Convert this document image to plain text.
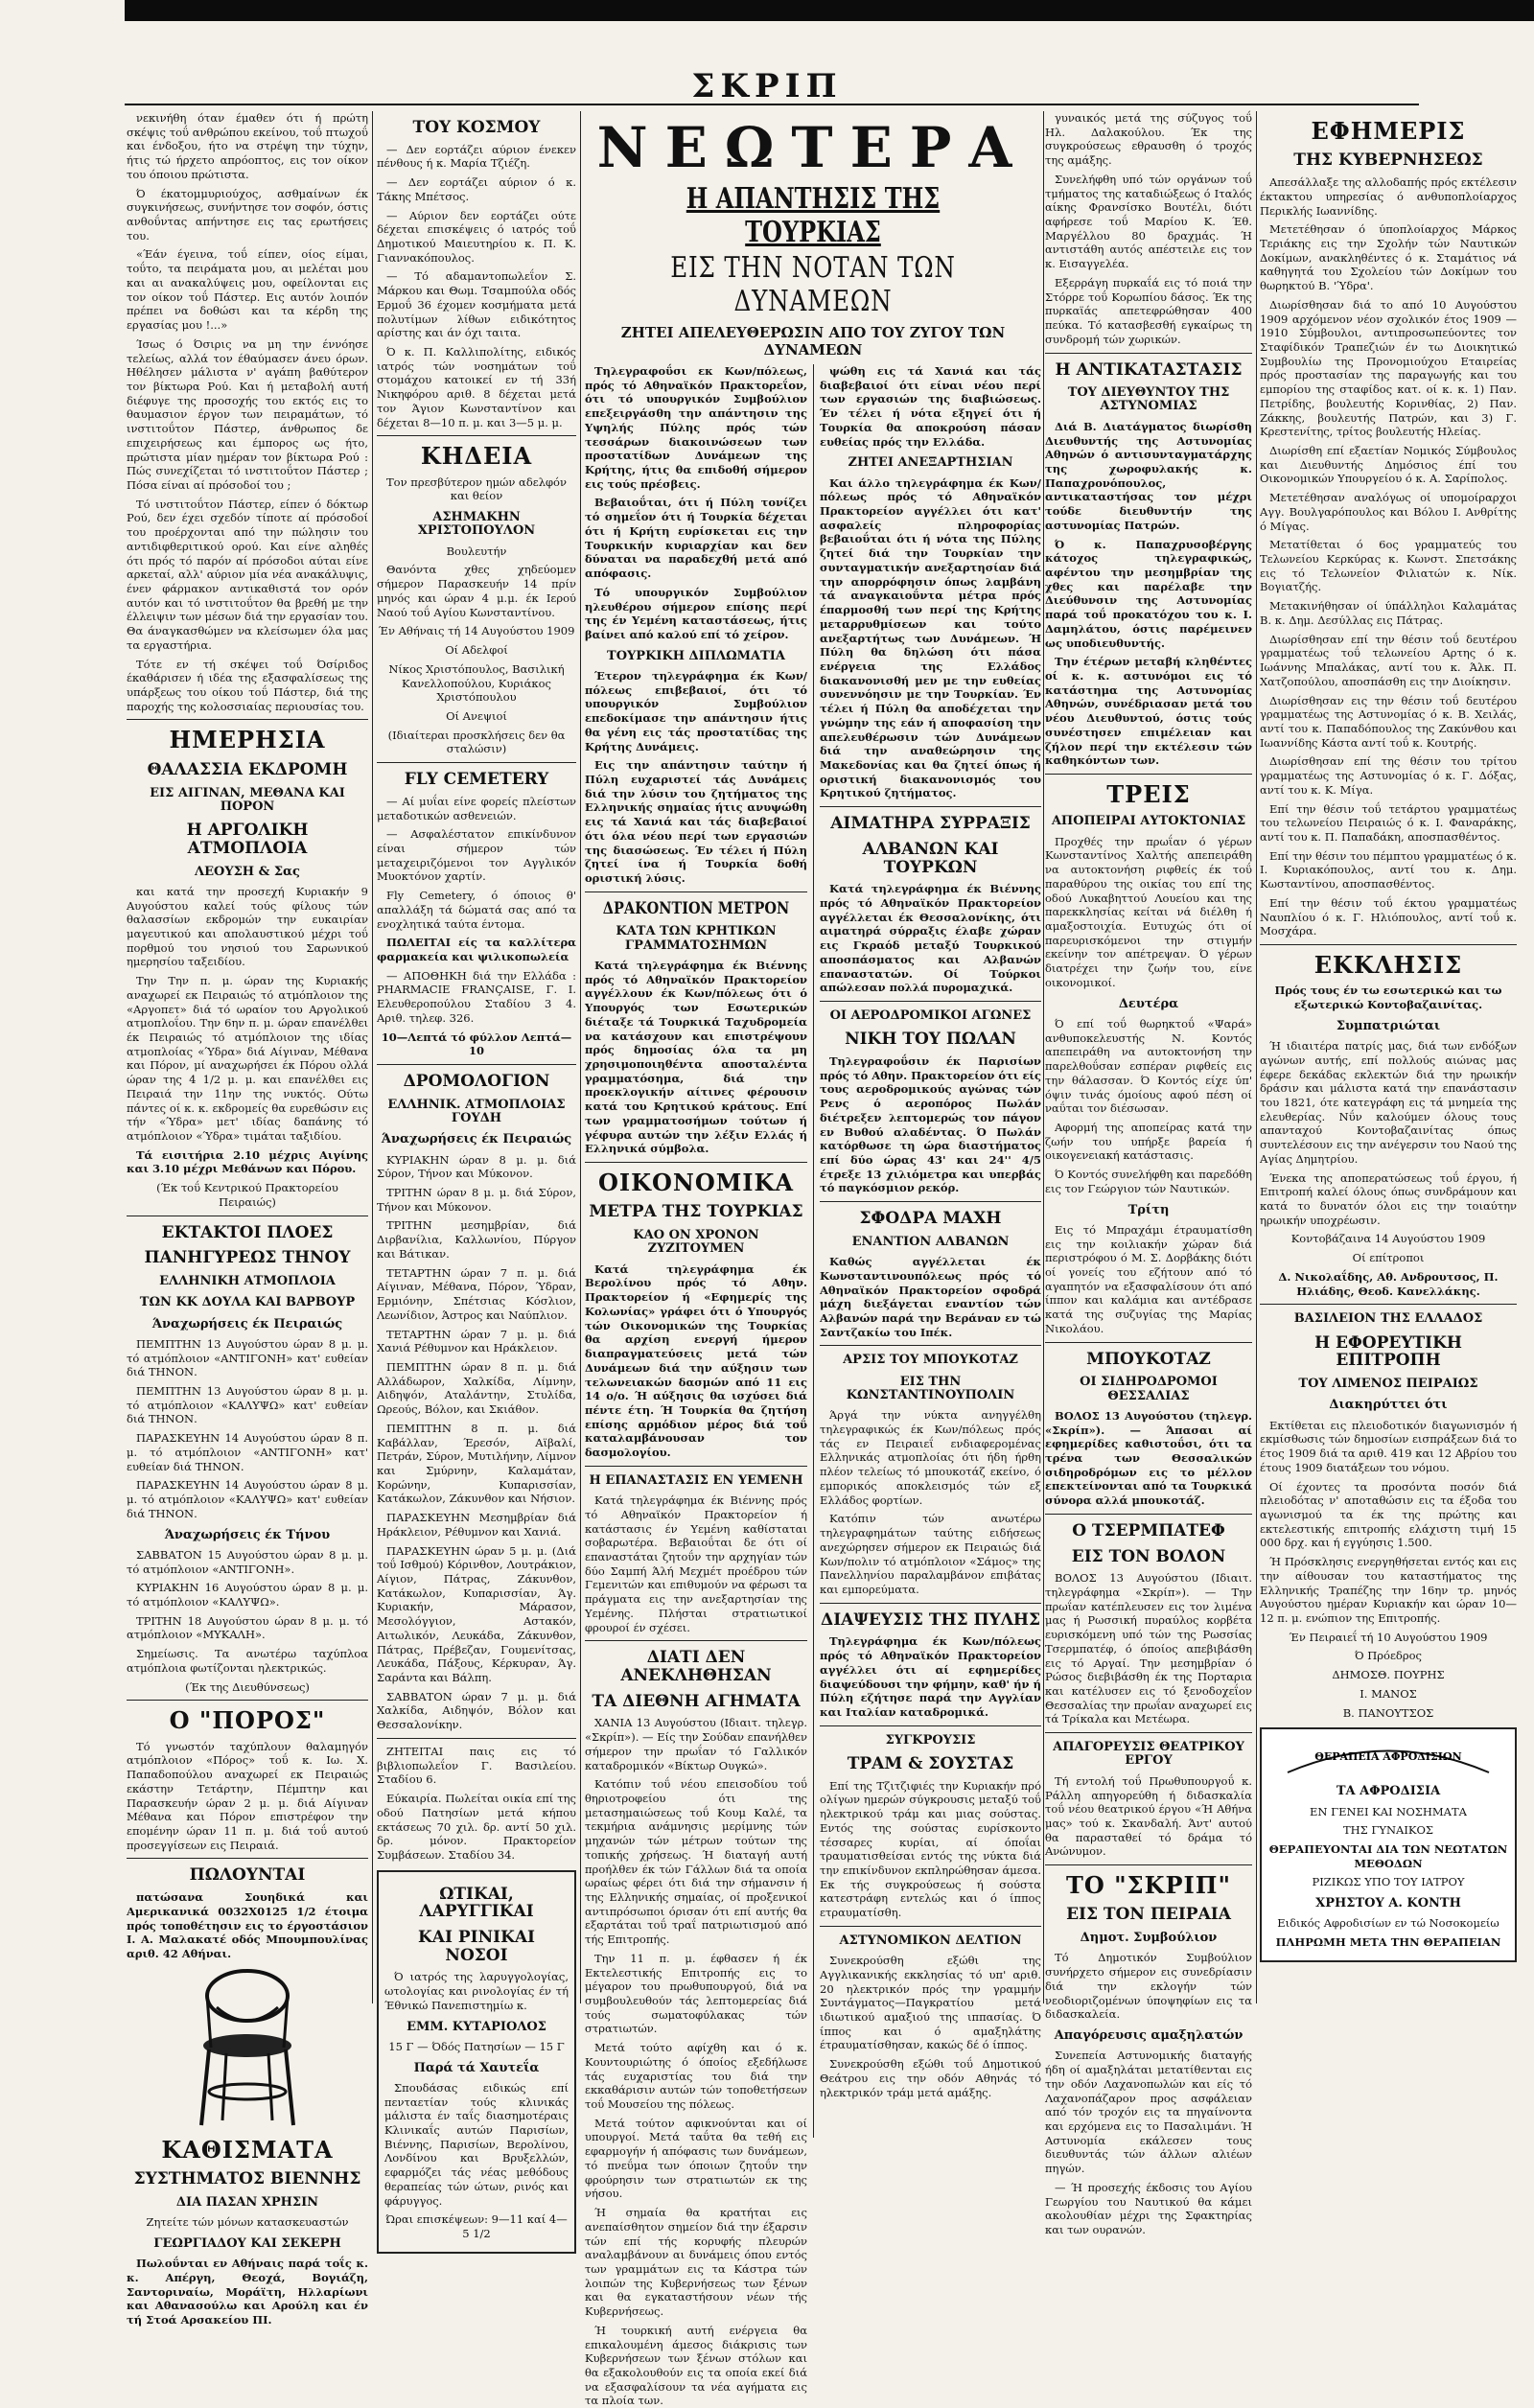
ΣΚΡΙΠ

νεκινήθη όταν έμαθεν ότι ή πρώτη σκέψις τοΰ ανθρώπου εκείνου, τοΰ πτωχοΰ και ένδοξου, ήτο να στρέψη την τύχην, ήτις τώ ήρχετο απρόοπτος, εις τον οίκον του όποιου πρώτιστα.

Ό έκατομμυριούχος, ασθμαίνων έκ συγκινήσεως, συνήντησε τον σοφόν, όστις ανθοΰντας απήντησε εις τας ερωτήσεις του.

«Έάν έγεινα, τοΰ είπεν, οίος είμαι, τοΰτο, τα πειράματα μου, αι μελέται μου και αι ανακαλύψεις μου, οφείλονται εις τον οίκον τοΰ Πάστερ. Εις αυτόν λοιπόν πρέπει να δοθώσι και τα κέρδη της εργασίας μου !...»

Ίσως ό Όσιρις να μη την έννόησε τελείως, αλλά τον έθαύμασεν άνευ όρων. Ηθέλησεν μάλιστα ν' αγάπη βαθύτερον τον βίκτωρα Ρού. Και ή μεταβολή αυτή διέφυγε της προσοχής του εκτός εις το θαυμασιον έργον των πειραμάτων, τό ινστιτοΰτον Πάστερ, άνθρωπος δε επιχειρήσεως και έμπορος ως ήτο, πρώτιστα μίαν ημέραν τον βίκτωρα Ρού : Πώς συνεχίζεται τό ινστιτοΰτον Πάστερ ; Πόσα είναι αί πρόσοδοί του ;

Τό ινστιτοΰτον Πάστερ, είπεν ό δόκτωρ Ρού, δεν έχει σχεδόν τίποτε αί πρόσοδοί του προέρχονται από την πώλησιν του αντιδιφθεριτικού ορού. Και είνε αληθές ότι πρός τό παρόν αί πρόσοδοι αύται είνε αρκεταί, αλλ' αύριον μία νέα ανακάλυψις, ένεν φάρμακον αντικαθιστά τον ορόν αυτόν και τό ινστιτοΰτον θα βρεθή με την έλλειψιν των μέσων διά την εργασίαν του. Θα άναγκασθώμεν να κλείσωμεν όλα μας τα εργαστήρια.

Τότε εν τή σκέψει τοΰ Όσίριδος έκαθάρισεν ή ιδέα της εξασφαλίσεως της υπάρξεως του οίκου τοΰ Πάστερ, διά της παροχής της κολοσσιαίας περιουσίας του.

ΗΜΕΡΗΣΙΑ
ΘΑΛΑΣΣΙΑ ΕΚΔΡΟΜΗ
ΕΙΣ ΑΙΓΙΝΑΝ, ΜΕΘΑΝΑ ΚΑΙ ΠΟΡΟΝ
Η ΑΡΓΟΛΙΚΗ ΑΤΜΟΠΛΟΙΑ
ΛΕΟΥΣΗ & Σας

και κατά την προσεχή Κυριακήν 9 Αυγούστου καλεί τούς φίλους τών θαλασσίων εκδρομών την ευκαιρίαν μαγευτικού και απολαυστικού μέχρι τοΰ πορθμού του νησιού του Σαρωνικού ημερησίου ταξειδίου.

Την Την π. μ. ώραν της Κυριακής αναχωρεί εκ Πειραιώς τό ατμόπλοιον της «Αργοπετ» διά τό ωραίον του Αργολικού ατμοπλοΐου. Την 6ην π. μ. ώραν επανέλθει έκ Πειραιώς τό ατμόπλοιον της ιδίας ατμοπλοίας «Ύδρα» διά Αίγιναν, Μέθανα και Πόρον, μί αναχωρήσει έκ Πόρου ολλά ώραν της 4 1/2 μ. μ. και επανέλθει εις Πειραιά την 11ην της νυκτός. Ούτω πάντες οί κ. κ. εκδρομείς θα ευρεθώσιν εις τήν «Ύδρα» μετ' ιδίας δαπάνης τό ατμόπλοιον «Ύδρα» τιμάται ταξιδίου.

Τά εισιτήρια 2.10 μέχρις Αιγίνης και 3.10 μέχρι Μεθάνων και Πόρου.

(Έκ τοΰ Κεντρικού Πρακτορείου Πειραιώς)

ΕΚΤΑΚΤΟΙ ΠΛΟΕΣ
ΠΑΝΗΓΥΡΕΩΣ ΤΗΝΟΥ
ΕΛΛΗΝΙΚΗ ΑΤΜΟΠΛΟΙΑ
ΤΩΝ ΚΚ ΔΟΥΛΑ ΚΑΙ ΒΑΡΒΟΥΡ
Άναχωρήσεις έκ Πειραιώς

ΠΕΜΠΤΗΝ 13 Αυγούστου ώραν 8 μ. μ. τό ατμόπλοιον «ΑΝΤΙΓΟΝΗ» κατ' ευθείαν διά ΤΗΝΟΝ.

ΠΕΜΠΤΗΝ 13 Αυγούστου ώραν 8 μ. μ. τό ατμόπλοιον «ΚΑΛΥΨΩ» κατ' ευθείαν διά ΤΗΝΟΝ.

ΠΑΡΑΣΚΕΥΗΝ 14 Αυγούστου ώραν 8 π. μ. τό ατμόπλοιον «ΑΝΤΙΓΟΝΗ» κατ' ευθείαν διά ΤΗΝΟΝ.

ΠΑΡΑΣΚΕΥΗΝ 14 Αυγούστου ώραν 8 μ. μ. τό ατμόπλοιον «ΚΑΛΥΨΩ» κατ' ευθείαν διά ΤΗΝΟΝ.

Άναχωρήσεις έκ Τήνου

ΣΑΒΒΑΤΟΝ 15 Αυγούστου ώραν 8 μ. μ. τό ατμόπλοιον «ΑΝΤΙΓΟΝΗ».

ΚΥΡΙΑΚΗΝ 16 Αυγούστου ώραν 8 μ. μ. τό ατμόπλοιον «ΚΑΛΥΨΩ».

ΤΡΙΤΗΝ 18 Αυγούστου ώραν 8 μ. μ. τό ατμόπλοιον «ΜΥΚΑΛΗ».

Σημείωσις. Τα ανωτέρω ταχύπλοα ατμόπλοια φωτίζονται ηλεκτρικώς.

(Έκ της Διευθύνσεως)

Ο "ΠΟΡΟΣ"

Τό γνωστόν ταχύπλουν θαλαμηγόν ατμόπλοιον «Πόρος» τοΰ κ. Ιω. Χ. Παπαδοπούλου αναχωρεί εκ Πειραιώς εκάστην Τετάρτην, Πέμπτην και Παρασκευήν ώραν 2 μ. μ. διά Αίγιναν Μέθανα και Πόρον επιστρέφον την επομένην ώραν 11 π. μ. διά τοΰ αυτού προσεγγίσεων εις Πειραιά.

ΠΩΛΟΥΝΤΑΙ

πατώσανα Σουηδικά και Αμερικανικά 0032Χ0125 1/2 έτοιμα πρός τοποθέτησιν εις το έργοστάσιον Ι. Α. Μαλακατέ οδός Μπουμπουλίνας αριθ. 42 Αθήναι.

ΚΑΘΙΣΜΑΤΑ
ΣΥΣΤΗΜΑΤΟΣ ΒΙΕΝΝΗΣ
ΔΙΑ ΠΑΣΑΝ ΧΡΗΣΙΝ

Ζητείτε τών μόνων κατασκευαστών

ΓΕΩΡΓΙΑΔΟΥ ΚΑΙ ΣΕΚΕΡΗ

Πωλοΰνται εν Αθήναις παρά τοΐς κ. κ. Απέργη, Θεοχά, Βογιάζη, Σαντοριναίω, Μοράϊτη, Ηλλαρίωνι και Αθανασούλω και Αρούλη και έν τή Στοά Αρσακείου ΠΙ.

ΤΟΥ ΚΟΣΜΟΥ

— Δεν εορτάζει αύριον ένεκεν πένθους ή κ. Μαρία Τζιέζη.

— Δεν εορτάζει αύριον ό κ. Τάκης Μπέτσος.

— Αύριον δεν εορτάζει ούτε δέχεται επισκέψεις ό ιατρός τοΰ Δημοτικού Μαιευτηρίου κ. Π. Κ. Γιαννακόπουλος.

— Τό αδαμαντοπωλεΐον Σ. Μάρκου και Θωμ. Τσαμπούλα οδός Ερμοΰ 36 έχομεν κοσμήματα μετά πολυτίμων λίθων ειδικότητος αρίστης και άν όχι ταιτα.

Ό κ. Π. Καλλιπολίτης, ειδικός ιατρός τών νοσημάτων τοΰ στομάχου κατοικεί εν τή 33ή Νικηφόρου αριθ. 8 δέχεται μετά τον Άγιον Κωνσταντίνον και δέχεται 8—10 π. μ. και 3—5 μ. μ.

ΚΗΔΕΙΑ

Τον πρεσβύτερον ημών αδελφόν και θείον

ΑΣΗΜΑΚΗΝ ΧΡΙΣΤΟΠΟΥΛΟΝ

Βουλευτήν

Θανόντα χθες χηδεύομεν σήμερον Παρασκευήν 14 πρίν μηνός και ώραν 4 μ.μ. έκ Ιερού Ναού τοΰ Αγίου Κωνσταντίνου.

Έν Αθήναις τή 14 Αυγούστου 1909

Οί Αδελφοί

Νίκος Χριστόπουλος, Βασιλική Κανελλοπούλου, Κυριάκος Χριστόπουλου

Οί Ανεψιοί

(Ιδιαίτεραι προσκλήσεις δεν θα σταλώσιν)

FLY CEMETERY

— Αί μυΐαι είνε φορείς πλείστων μεταδοτικών ασθενειών.

— Ασφαλέστατον επικίνδυνον είναι σήμερον τών μεταχειριζόμενοι τον Αγγλικόν Μυοκτόνον χαρτίν.

Fly Cemetery, ό όποιος θ' απαλλάξη τά δώματά σας από τα ενοχλητικά ταύτα έντομα.

ΠΩΛΕΙΤΑΙ είς τα καλλίτερα φαρμακεία και ψιλικοπωλεία

— ΑΠΟΘΗΚΗ διά την Ελλάδα : PHARMACIE FRANÇAISE, Γ. Ι. Ελευθεροπούλου Σταδίου 3 4. Αριθ. τηλεφ. 326.

10—Λεπτά τό φύλλον Λεπτά—10

ΔΡΟΜΟΛΟΓΙΟΝ
ΕΛΛΗΝΙΚ. ΑΤΜΟΠΛΟΙΑΣ ΓΟΥΔΗ
Άναχωρήσεις έκ Πειραιώς

ΚΥΡΙΑΚΗΝ ώραν 8 μ. μ. διά Σύρον, Τήνον και Μύκονον.

ΤΡΙΤΗΝ ώραν 8 μ. μ. διά Σύρον, Τήνον και Μύκονον.

ΤΡΙΤΗΝ μεσημβρίαν, διά Διρβανίλια, Καλλωνίου, Πύργον και Βάτικαν.

ΤΕΤΑΡΤΗΝ ώραν 7 π. μ. διά Αίγιναν, Μέθανα, Πόρον, Ύδραν, Ερμιόνην, Σπέτσιας Κόσλιον, Λεωνίδιον, Άστρος και Ναύπλιον.

ΤΕΤΑΡΤΗΝ ώραν 7 μ. μ. διά Χανιά Ρέθυμνον και Ηράκλειον.

ΠΕΜΠΤΗΝ ώραν 8 π. μ. διά Αλλάδωρον, Χαλκίδα, Λίμνην, Αιδηψόν, Αταλάντην, Στυλίδα, Ωρεούς, Βόλον, και Σκιάθον.

ΠΕΜΠΤΗΝ 8 π. μ. διά Καβάλλαν, Έρεσόν, Αϊβαλί, Πετράν, Σύρον, Μυτιλήνην, Λίμνον και Σμύρνην, Καλαμάταν, Κορώνην, Κυπαρισσίαν, Κατάκωλον, Ζάκυνθον και Νήσιον.

ΠΑΡΑΣΚΕΥΗΝ Μεσημβρίαν διά Ηράκλειον, Ρέθυμνον και Χανιά.

ΠΑΡΑΣΚΕΥΗΝ ώραν 5 μ. μ. (Διά τοΰ Ισθμού) Κόρινθον, Λουτράκιον, Αίγιον, Πάτρας, Ζάκυνθον, Κατάκωλον, Κυπαρισσίαν, Άγ. Κυριακήν, Μάρασον, Μεσολόγγιον, Αστακόν, Αιτωλικόν, Λευκάδα, Ζάκυνθον, Πάτρας, Πρέβεζαν, Γουμενίτσας, Λευκάδα, Πάξους, Κέρκυραν, Άγ. Σαράντα και Βάλπη.

ΣΑΒΒΑΤΟΝ ώραν 7 μ. μ. διά Χαλκίδα, Αιδηψόν, Βόλον και Θεσσαλονίκην.

ΖΗΤΕΙΤΑΙ παις εις τό βιβλιοπωλεΐον Γ. Βασιλείου. Σταδίου 6.

Εύκαιρία. Πωλείται οικία επί της οδού Πατησίων μετά κήπου εκτάσεως 70 χιλ. δρ. αντί 50 χιλ. δρ. μόνον. Πρακτορείον Συμβάσεων. Σταδίου 34.

ΩΤΙΚΑΙ, ΛΑΡΥΓΓΙΚΑΙ
ΚΑΙ ΡΙΝΙΚΑΙ ΝΟΣΟΙ

Ό ιατρός της λαρυγγολογίας, ωτολογίας και ρινολογίας έν τή Έθνικώ Πανεπιστημίω κ.

ΕΜΜ. ΚΥΤΑΡΙΟΛΟΣ

15 Γ — Όδός Πατησίων — 15 Γ

Παρά τά Χαυτεΐα

Σπουδάσας ειδικώς επί πενταετίαν τούς κλινικάς μάλιστα έν ταΐς διασημοτέραις Κλινικαΐς αυτών Παρισίων, Βιέννης, Παρισίων, Βερολίνου, Λονδίνου και Βρυξελλών, εφαρμόζει τάς νέας μεθόδους θεραπείας τών ώτων, ρινός και φάρυγγος.

Ώραι επισκέψεων: 9—11 καί 4—5 1/2

ΝΕΩΤΕΡΑ
Η ΑΠΑΝΤΗΣΙΣ ΤΗΣ ΤΟΥΡΚΙΑΣ
ΕΙΣ ΤΗΝ ΝΟΤΑΝ ΤΩΝ ΔΥΝΑΜΕΩΝ
ΖΗΤΕΙ ΑΠΕΛΕΥΘΕΡΩΣΙΝ ΑΠΟ ΤΟΥ ΖΥΓΟΥ ΤΩΝ ΔΥΝΑΜΕΩΝ

Τηλεγραφοΰσι εκ Κων/πόλεως, πρός τό Αθηναϊκόν Πρακτορεΐον, ότι τό υπουργικόν Συμβούλιον επεξειργάσθη την απάντησιν της Υψηλής Πύλης πρός τών τεσσάρων διακοινώσεων των προστατίδων Δυνάμεων της Κρήτης, ήτις θα επιδοθή σήμερον εις τούς πρέσβεις.

Βεβαιοΰται, ότι ή Πύλη τονίζει τό σημεΐον ότι ή Τουρκία δέχεται ότι ή Κρήτη ευρίσκεται εις την Τουρκικήν κυριαρχίαν και δεν δύναται να παραδεχθή μετά από απόφασις.

Τό υπουργικόν Συμβούλιον ηλευθέρου σήμερον επίσης περί της έν Υεμένη καταστάσεως, ήτις βαίνει από καλού επί τό χείρον.

ΤΟΥΡΚΙΚΗ ΔΙΠΛΩΜΑΤΙΑ

Έτερον τηλεγράφημα έκ Κων/πόλεως επιβεβαιοί, ότι τό υπουργικόν Συμβούλιον επεδοκίμασε την απάντησιν ήτις θα γένη εις τάς προστατίδας της Κρήτης Δυνάμεις.

Εις την απάντησιν ταύτην ή Πύλη ευχαριστεί τάς Δυνάμεις διά την λύσιν του ζητήματος της Ελληνικής σημαίας ήτις ανυψώθη εις τά Χανιά και τάς διαβεβαιοί ότι όλα νέου περί των εργασιών της διασώσεως. Έν τέλει ή Πύλη ζητεί ίνα ή Τουρκία δοθή οριστική λύσις.

ΔΡΑΚΟΝΤΙΟΝ ΜΕΤΡΟΝ
ΚΑΤΑ ΤΩΝ ΚΡΗΤΙΚΩΝ ΓΡΑΜΜΑΤΟΣΗΜΩΝ

Κατά τηλεγράφημα έκ Βιέννης πρός τό Αθηναϊκόν Πρακτορείον αγγέλλουν έκ Κων/πόλεως ότι ό Υπουργός των Εσωτερικών διέταξε τά Τουρκικά Ταχυδρομεία να κατάσχουν και επιστρέψουν πρός δημοσίας όλα τα μη χρησιμοποιηθέντα αποσταλέντα γραμματόσημα, διά την προεκλογικήν αίτινες φέρουσιν κατά του Κρητικού κράτους. Επί των γραμματοσήμων τούτων ή γέφυρα αυτών την λέξιν Ελλάς ή Ελληνικά σύμβολα.

ΟΙΚΟΝΟΜΙΚΑ
ΜΕΤΡΑ ΤΗΣ ΤΟΥΡΚΙΑΣ
ΚΑΟ ΟΝ ΧΡΟΝΟΝ ΖΥΖΙΤΟΥΜΕΝ

Κατά τηλεγράφημα έκ Βερολίνου πρός τό Αθην. Πρακτορείον ή «Εφημερίς της Κολωνίας» γράφει ότι ό Υπουργός τών Οικονομικών της Τουρκίας θα αρχίση ενεργή ήμερον διαπραγματεύσεις μετά τών Δυνάμεων διά την αύξησιν των τελωνειακών δασμών από 11 εις 14 ο/ο. Ή αύξησις θα ισχύσει διά πέντε έτη. Ή Τουρκία θα ζητήση επίσης αρμόδιον μέρος διά τοΰ καταλαμβάνουσαν τον δασμολογίου.

Η ΕΠΑΝΑΣΤΑΣΙΣ ΕΝ ΥΕΜΕΝΗ

Κατά τηλεγράφημα έκ Βιέννης πρός τό Αθηναϊκόν Πρακτορείον ή κατάστασις έν Υεμένη καθίσταται σοβαρωτέρα. Βεβαιοΰται δε ότι οί επαναστάται ζητοΰν την αρχηγίαν τών δύο Σαμπή Άλή Μεχμέτ προέδρου τών Γεμενιτών και επιθυμούν να φέρωσι τα πράγματα εις την ανεξαρτησίαν της Υεμένης. Πλήσται στρατιωτικοί φρουροί έν σχέσει.

ΔΙΑΤΙ ΔΕΝ ΑΝΕΚΛΗΘΗΣΑΝ
ΤΑ ΔΙΕΘΝΗ ΑΓΗΜΑΤΑ

ΧΑΝΙΑ 13 Αυγούστου (Ιδιαιτ. τηλεγρ. «Σκρίπ»). — Είς την Σούδαν επανήλθεν σήμερον την πρωΐαν τό Γαλλικόν καταδρομικόν «Βίκτωρ Ουγκώ».

Κατόπιν τοΰ νέου επεισοδίου τοΰ θηριοτροφείου ότι της μετασημαιώσεως τοΰ Κουμ Καλέ, τα τεκμήρια ανάμνησις μερίμνης τών μηχανών τών μέτρων τούτων της τοπικής χρήσεως. Ή διαταγή αυτή προήλθεν έκ τών Γάλλων διά τα οποία ωραίως φέρει ότι διά την σήμανσιν ή της Ελληνικής σημαίας, οί προξενικοί αντιπρόσωποι όρισαν ότι επί αυτής θα εξαρτάται τοΰ τραΐ πατριωτισμού από τής Επιτροπής.

Την 11 π. μ. έφθασεν ή έκ Εκτελεστικής Επιτροπής εις το μέγαρον του πρωθυπουργού, διά να συμβουλευθούν τάς λεπτομερείας διά τούς σωματοφύλακας τών στρατιωτών.

Μετά τούτο αφίχθη και ό κ. Κουντουριώτης ό όποίος εξεδήλωσε τάς ευχαριστίας του διά την εκκαθάρισιν αυτών τών τοποθετήσεων τοΰ Μουσείου της πόλεως.

Μετά τούτον αφικνούνται και οί υπουργοί. Μετά ταΰτα θα τεθή εις εφαρμογήν ή απόφασις των δυνάμεων, τό πνεΰμα των όποιων ζητοΰν την φρούρησιν των στρατιωτών εκ της νήσου.

Ή σημαία θα κρατήται εις ανεπαίσθητον σημείον διά την έξαρσιν τών επί τής κορυφής πλευρών αναλαμβάνουν αι δυνάμεις όπου εντός των γραμμάτων εις τα Κάστρα τών λοιπών της Κυβερνήσεως των ξένων και θα εγκαταστήσουν νέων τής Κυβερνήσεως.

Ή τουρκική αυτή ενέργεια θα επικαλουμένη άμεσος διάκρισις των Κυβερνήσεων των ξένων στόλων και θα εξακολουθούν εις τα οποία εκεί διά να εξασφαλίσουν τα νέα αγήματα εις τα πλοία των.

ψώθη εις τά Χανιά και τάς διαβεβαιοί ότι είναι νέου περί των εργασιών της διαβιώσεως. Έν τέλει ή νότα εξηγεί ότι ή Τουρκία θα αποκρούση πάσαν ευθείας πρός την Ελλάδα.

ΖΗΤΕΙ ΑΝΕΞΑΡΤΗΣΙΑΝ

Και άλλο τηλεγράφημα έκ Κων/πόλεως πρός τό Αθηναϊκόν Πρακτορείον αγγέλλει ότι κατ' ασφαλείς πληροφορίας βεβαιοΰται ότι ή νότα της Πύλης ζητεί διά την Τουρκίαν την συνταγματικήν ανεξαρτησίαν διά την απορρόφησιν όπως λαμβάνη τά αναγκαιοΰντα μέτρα πρός έπαρμοσθή των περί της Κρήτης μεταρρυθμίσεων και τούτο ανεξαρτήτως των Δυνάμεων. Ή Πύλη θα δηλώση ότι πάσα ενέργεια της Ελλάδος διακανονισθή μεν με την ευθείας συνεννόησιν με την Τουρκίαν. Έν τέλει ή Πύλη θα αποδέχεται την γνώμην της εάν ή αποφασίση την απελευθέρωσιν τών Δυνάμεων διά την αναθεώρησιν της Μακεδονίας και θα ζητεί όπως ή οριστική διακανονισμός του Κρητικού ζητήματος.

ΑΙΜΑΤΗΡΑ ΣΥΡΡΑΞΙΣ
ΑΛΒΑΝΩΝ ΚΑΙ ΤΟΥΡΚΩΝ

Κατά τηλεγράφημα έκ Βιέννης πρός τό Αθηναϊκόν Πρακτορείον αγγέλλεται έκ Θεσσαλονίκης, ότι αιματηρά σύρραξις έλαβε χώραν εις Γκραόδ μεταξύ Τουρκικού αποσπάσματος και Αλβανών επαναστατών. Οί Τούρκοι απώλεσαν πολλά πυρομαχικά.

ΟΙ ΑΕΡΟΔΡΟΜΙΚΟΙ ΑΓΩΝΕΣ
ΝΙΚΗ ΤΟΥ ΠΩΛΑΝ

Τηλεγραφοΰσιν έκ Παρισίων πρός τό Αθην. Πρακτορείον ότι είς τους αεροδρομικούς αγώνας τών Ρενς ό αεροπόρος Πωλάν διέτρεξεν λεπτομερώς τον πάγον εν Βυθού αλαδέντας. Ό Πωλάν κατόρθωσε τη ώρα διαστήματος επί δύο ώρας 43' και 24'' 4/5 έτρεξε 13 χιλιόμετρα και υπερβάς τό παγκόσμιον ρεκόρ.

ΣΦΟΔΡΑ ΜΑΧΗ
ΕΝΑΝΤΙΟΝ ΑΛΒΑΝΩΝ

Καθώς αγγέλλεται έκ Κωνσταντινουπόλεως πρός τό Αθηναϊκόν Πρακτορείον σφοδρά μάχη διεξάγεται εναντίον τών Αλβανών παρά την Βεράναν εν τώ Σαντζακίω του Ιπέκ.

ΑΡΣΙΣ ΤΟΥ ΜΠΟΥΚΟΤΑΖ
ΕΙΣ ΤΗΝ ΚΩΝΣΤΑΝΤΙΝΟΥΠΟΛΙΝ

Άργά την νύκτα ανηγγέλθη τηλεγραφικώς έκ Κων/πόλεως πρός τάς εν Πειραιεΐ ενδιαφερομένας Ελληνικάς ατμοπλοίας ότι ήδη ήρθη πλέον τελείως τό μπουκοτάζ εκείνο, ό εμπορικός αποκλεισμός τών εξ Ελλάδος φορτίων.

Κατόπιν τών ανωτέρω τηλεγραφημάτων ταύτης ειδήσεως ανεχώρησεν σήμερον εκ Πειραιώς διά Κων/πολιν τό ατμόπλοιον «Σάμος» της Πανελληνίου παραλαμβάνον επιβάτας και εμπορεύματα.

ΔΙΑΨΕΥΣΙΣ ΤΗΣ ΠΥΛΗΣ

Τηλεγράφημα έκ Κων/πόλεως πρός τό Αθηναϊκόν Πρακτορείον αγγέλλει ότι αί εφημερίδες διαψεύδουσι την φήμην, καθ' ήν ή Πύλη εζήτησε παρά την Αγγλίαν και Ιταλίαν καταδρομικά.

ΣΥΓΚΡΟΥΣΙΣ
ΤΡΑΜ & ΣΟΥΣΤΑΣ

Επί της Τζιτζιφιές την Κυριακήν πρό ολίγων ημερών σύγκρουσις μεταξύ τοΰ ηλεκτρικού τράμ και μιας σούστας. Εντός της σούστας ευρίσκοντο τέσσαρες κυρίαι, αί όποΐαι τραυματισθείσαι εντός της νύκτα διά την επικίνδυνον εκπληρώθησαν άμεσα. Εκ τής συγκρούσεως ή σούστα κατεστράφη εντελώς και ό ίππος ετραυματίσθη.

ΑΣΤΥΝΟΜΙΚΟΝ ΔΕΛΤΙΟΝ

Συνεκρούσθη εξώθι της Αγγλικανικής εκκλησίας τό υπ' αριθ. 20 ηλεκτρικόν πρός την γραμμήν Συντάγματος—Παγκρατίου μετά ιδιωτικού αμαξιού της ιππασίας. Ό ίππος και ό αμαξηλάτης έτραυματίσθησαν, κακώς δέ ό ίππος.

Συνεκρούσθη εξώθι τοΰ Δημοτικού Θεάτρου εις την οδόν Αθηνάς τό ηλεκτρικόν τράμ μετά αμάξης.

γυναικός μετά της σύζυγος τοΰ Ηλ. Δαλακούλου. Έκ της συγκρούσεως εθραυσθη ό τροχός της αμάξης.

Συνελήφθη υπό τών οργάνων τοΰ τμήματος της καταδιώξεως ό Ιταλός αίκης Φρανσίσκο Βουτέλι, διότι αφήρεσε τοΰ Μαρίου Κ. Έθ. Μαργέλλου 80 δραχμάς. Ή αντιστάθη αυτός απέστειλε εις τον κ. Εισαγγελέα.

Εξερράγη πυρκαΐά εις τό ποιά την Στόρρε τοΰ Κορωπίου δάσος. Έκ της πυρκαϊάς απετεφρώθησαν 400 πεύκα. Τό κατασβεσθή εγκαίρως τη συνδρομή τών χωρικών.

Η ΑΝΤΙΚΑΤΑΣΤΑΣΙΣ
ΤΟΥ ΔΙΕΥΘΥΝΤΟΥ ΤΗΣ ΑΣΤΥΝΟΜΙΑΣ

Διά Β. Διατάγματος διωρίσθη Διευθυντής της Αστυνομίας Αθηνών ό αντισυνταγματάρχης της χωροφυλακής κ. Παπαχρονόπουλος, αντικαταστήσας τον μέχρι τούδε διευθυντήν της αστυνομίας Πατρών.

Ό κ. Παπαχρυσοβέργης κάτοχος τηλεγραφικώς, αφέντου την μεσημβρίαν της χθες και παρέλαβε την Διεύθυνσιν της Αστυνομίας παρά τοΰ προκατόχου του κ. Ι. Δαμηλάτου, όστις παρέμεινεν ως υποδιευθυντής.

Την έτέρων μεταβή κληθέντες οί κ. κ. αστυνόμοι εις τό κατάστημα της Αστυνομίας Αθηνών, συνέδριασαν μετά του νέου Διευθυντού, όστις τούς συνέστησεν επιμέλειαν και ζήλον περί την εκτέλεσιν τών καθηκόντων των.

ΤΡΕΙΣ
ΑΠΟΠΕΙΡΑΙ ΑΥΤΟΚΤΟΝΙΑΣ

Προχθές την πρωΐαν ό γέρων Κωνσταντίνος Χαλτής απεπειράθη να αυτοκτονήση ριφθείς έκ τοΰ παραθύρου της οικίας του επί της οδού Λυκαβηττού Λουείου και της παρεκκλησίας κείται νά διέλθη ή αμαξοστοιχία. Ευτυχώς ότι οί παρευρισκόμενοι την στιγμήν εκείνην τον απέτρεψαν. Ό γέρων διατρέχει την ζωήν του, είνε οικονομικοί.

Δευτέρα

Ό επί τοΰ θωρηκτοΰ «Ψαρά» ανθυποκελευστής Ν. Κοντός απεπειράθη να αυτοκτονήση την παρελθοΰσαν εσπέραν ριφθείς εις την θάλασσαν. Ό Κοντός είχε ύπ' όψιν τινάς όμοίους αφού πέση οί ναΰται τον διέσωσαν.

Αφορμή της αποπείρας κατά την ζωήν του υπήρξε βαρεία ή οικογενειακή κατάστασις.

Ό Κοντός συνελήφθη και παρεδόθη εις τον Γεώργιον τών Ναυτικών.

Τρίτη

Εις τό Μπραχάμι έτραυματίσθη εις την κοιλιακήν χώραν διά περιστρόφου ό Μ. Σ. Δορβάκης διότι οί γονείς του εζήτουν από τό αγαπητόν να εξασφαλίσουν ότι από ίππον και καλάμια και αντέδρασε κατά της συζυγίας της Μαρίας Νικολάου.

ΜΠΟΥΚΟΤΑΖ
ΟΙ ΣΙΔΗΡΟΔΡΟΜΟΙ ΘΕΣΣΑΛΙΑΣ

ΒΟΛΟΣ 13 Αυγούστου (τηλεγρ. «Σκρίπ»). — Άπασαι αί εφημερίδες καθιστοΰσι, ότι τα τρένα των Θεσσαλικών σιδηροδρόμων εις το μέλλον επεκτείνονται από τα Τουρκικά σύνορα αλλά μπουκοτάζ.

Ο ΤΣΕΡΜΠΑΤΕΦ
ΕΙΣ ΤΟΝ ΒΟΛΟΝ

ΒΟΛΟΣ 13 Αυγούστου (Ιδιαιτ. τηλεγράφημα «Σκρίπ»). — Την πρωΐαν κατέπλευσεν εις τον λιμένα μας ή Ρωσσική πυραύλος κορβέτα ευρισκόμενη υπό τών της Ρωσσίας Τσερμπατέφ, ό όποίος απεβιβάσθη εις τό Αργαί. Την μεσημβρίαν ό Ρώσος διεβιβάσθη έκ της Πορταρια και κατέλυσεν εις τό ξενοδοχεΐον Θεσσαλίας την πρωΐαν αναχωρεί εις τά Τρίκαλα και Μετέωρα.

ΑΠΑΓΟΡΕΥΣΙΣ ΘΕΑΤΡΙΚΟΥ ΕΡΓΟΥ

Τή εντολή τοΰ Πρωθυπουργοΰ κ. Ράλλη απηγορεύθη ή διδασκαλία τοΰ νέου θεατρικού έργου «Ή Αθήνα μας» τού κ. Σκανδαλή. Άντ' αυτού θα παρασταθεί τό δράμα τό Ανώνυμον.

ΤΟ "ΣΚΡΙΠ"
ΕΙΣ ΤΟΝ ΠΕΙΡΑΙΑ
Δημοτ. Συμβούλιον

Τό Δημοτικόν Συμβούλιον συνήρχετο σήμερον εις συνεδρίασιν διά την εκλογήν τών νεοδιοριζομένων ύποψηφίων εις τα διδασκαλεία.

Απαγόρευσις αμαξηλατών

Συνεπεία Αστυνομικής διαταγής ήδη οί αμαξηλάται μετατίθενται εις την οδόν Λαχανοπωλών και είς τό Λαχανοπάζαρον προς ασφάλειαν από τόν τροχόν εις τα πηγαίνοντα και ερχόμενα εις το Πασαλιμάνι. Ή Αστυνομία εκάλεσεν τους διευθυντάς τών άλλων αλιέων πηγών.

— Ή προσεχής έκδοσις του Αγίου Γεωργίου του Ναυτικού θα κάμει ακολουθίαν μέχρι της Σφακτηρίας και των ουρανών.

ΕΦΗΜΕΡΙΣ
ΤΗΣ ΚΥΒΕΡΝΗΣΕΩΣ

Απεσάλλαξε της αλλοδαπής πρός εκτέλεσιν έκτακτου υπηρεσίας ό ανθυποπλοίαρχος Περικλής Ιωαννίδης.

Μετετέθησαν ό ύποπλοίαρχος Μάρκος Τεριάκης εις την Σχολήν τών Ναυτικών Δοκίμων, ανακληθέντες ό κ. Σταμάτιος νά καθηγητά του Σχολείου τών Δοκίμων του θωρηκτού Β. 'Ύδρα'.

Διωρίσθησαν διά το από 10 Αυγούστου 1909 αρχόμενον νέον σχολικόν έτος 1909 — 1910 Σύμβουλοι, αντιπροσωπεύοντες τον Σταφίδικόν Τραπεζιών έν τω Διοικητικώ Συμβουλίω της Προνομιούχου Εταιρείας πρός προστασίαν της παραγωγής και του εμπορίου της σταφίδος κατ. οί κ. κ. 1) Παν. Πετρίδης, βουλευτής Κορινθίας, 2) Παν. Ζάκκης, βουλευτής Πατρών, και 3) Γ. Κρεστενίτης, τρίτος βουλευτής Ηλείας.

Διωρίσθη επί εξαετίαν Νομικός Σύμβουλος και Διευθυντής Δημόσιος έπί του Οικονομικών Υπουργείου ό κ. Α. Σαρίπολος.

Μετετέθησαν αναλόγως οί υπομοίραρχοι Αγγ. Βουλγαρόπουλος και Βόλου Ι. Ανθρίτης ό Μίγας.

Μετατίθεται ό 6ος γραμματεύς του Τελωνείου Κερκύρας κ. Κωνστ. Σπετσάκης εις τό Τελωνείον Φιλιατών κ. Νίκ. Βογιατζής.

Μετακινήθησαν οί ύπάλληλοι Καλαμάτας Β. κ. Δημ. Δεσύλλας εις Πάτρας.

Διωρίσθησαν επί την θέσιν τοΰ δευτέρου γραμματέως τοΰ τελωνείου Αρτης ό κ. Ιωάννης Μπαλάκας, αντί του κ. Άλκ. Π. Χατζοπούλου, αποσπάσθη εις την Διοίκησιν.

Διωρίσθησαν εις την θέσιν τοΰ δευτέρου γραμματέως της Αστυνομίας ό κ. Β. Χειλάς, αντί του κ. Παπαδόπουλος της Ζακύνθου και Ιωαννίδης Κάστα αντί τοΰ κ. Κουτρής.

Διωρίσθησαν επί της θέσιν του τρίτου γραμματέως της Αστυνομίας ό κ. Γ. Δόξας, αντί του κ. Κ. Μίγα.

Επί την θέσιν τοΰ τετάρτου γραμματέως του τελωνείου Πειραιώς ό κ. Ι. Φαναράκης, αντί του κ. Π. Παπαδάκη, αποσπασθέντος.

Επί την θέσιν του πέμπτου γραμματέως ό κ. Ι. Κυριακόπουλος, αντί του κ. Δημ. Κωσταντίνου, αποσπασθέντος.

Επί την θέσιν τοΰ έκτου γραμματέως Ναυπλίου ό κ. Γ. Ηλιόπουλος, αντί τοΰ κ. Μοσχάρα.

ΕΚΚΛΗΣΙΣ

Πρός τους έν τω εσωτερικώ και τω εξωτερικώ Κοντοβαζαινίτας.

Συμπατριώται

Ή ιδιαιτέρα πατρίς μας, διά των ενδόξων αγώνων αυτής, επί πολλούς αιώνας μας έφερε δεκάδας εκλεκτών διά την ηρωικήν δράσιν και μάλιστα κατά την επανάστασιν του 1821, ότε κατεγράφη εις τά μνημεία της ελευθερίας. Νΰν καλούμεν όλους τους απανταχού Κοντοβαζαινίτας όπως συντελέσουν εις την ανέγερσιν του Ναού της Αγίας Δημητρίου.

Ένεκα της αποπερατώσεως τοΰ έργου, ή Επιτροπή καλεί όλους όπως συνδράμουν και κατά το δυνατόν όλοι εις την τοιαύτην ηρωικήν υποχρέωσιν.

Κοντοβάζαινα 14 Αυγούστου 1909

Οί επίτροποι

Δ. Νικολαΐδης, Αθ. Ανδρουτσος, Π. Ηλιάδης, Θεοδ. Κανελλάκης.

ΒΑΣΙΛΕΙΟΝ ΤΗΣ ΕΛΛΑΔΟΣ
Η ΕΦΟΡΕΥΤΙΚΗ ΕΠΙΤΡΟΠΗ
ΤΟΥ ΛΙΜΕΝΟΣ ΠΕΙΡΑΙΩΣ
Διακηρύττει ότι

Εκτίθεται εις πλειοδοτικόν διαγωνισμόν ή εκμίσθωσις τών δημοσίων εισπράξεων διά το έτος 1909 διά τα αριθ. 419 και 12 Αβρίου του έτους 1909 διατάξεων του νόμου.

Οί έχοντες τα προσόντα ποσόν διά πλειοδότας ν' αποταθώσιν εις τα έξοδα του αγωνισμού τα έκ της πρώτης και εκτελεστικής επιτροπής ελάχιστη τιμή 15 000 δρχ. και ή εγγύησις 1.500.

Ή Πρόσκλησις ενεργηθήσεται εντός και εις την αίθουσαν του καταστήματος της Ελληνικής Τραπέζης την 16ην τρ. μηνός Αυγούστου ημέραν Κυριακήν και ώραν 10—12 π. μ. ενώπιον της Επιτροπής.

Έν Πειραιεΐ τή 10 Αυγούστου 1909

Ό Πρόεδρος

ΔΗΜΟΣΘ. ΠΟΥΡΗΣ

Ι. ΜΑΝΟΣ

Β. ΠΑΝΟΥΤΣΟΣ

ΘΕΡΑΠΕΙΑ ΑΦΡΟΔΙΣΙΩΝ
ΤΑ ΑΦΡΟΔΙΣΙΑ

ΕΝ ΓΕΝΕΙ ΚΑΙ ΝΟΣΗΜΑΤΑ

ΤΗΣ ΓΥΝΑΙΚΟΣ

ΘΕΡΑΠΕΥΟΝΤΑΙ ΔΙΑ ΤΩΝ ΝΕΩΤΑΤΩΝ ΜΕΘΟΔΩΝ

ΡΙΖΙΚΩΣ ΥΠΟ ΤΟΥ ΙΑΤΡΟΥ

ΧΡΗΣΤΟΥ Α. ΚΟΝΤΗ

Ειδικός Αφροδισίων εν τώ Νοσοκομείω

ΠΛΗΡΩΜΗ ΜΕΤΑ ΤΗΝ ΘΕΡΑΠΕΙΑΝ
